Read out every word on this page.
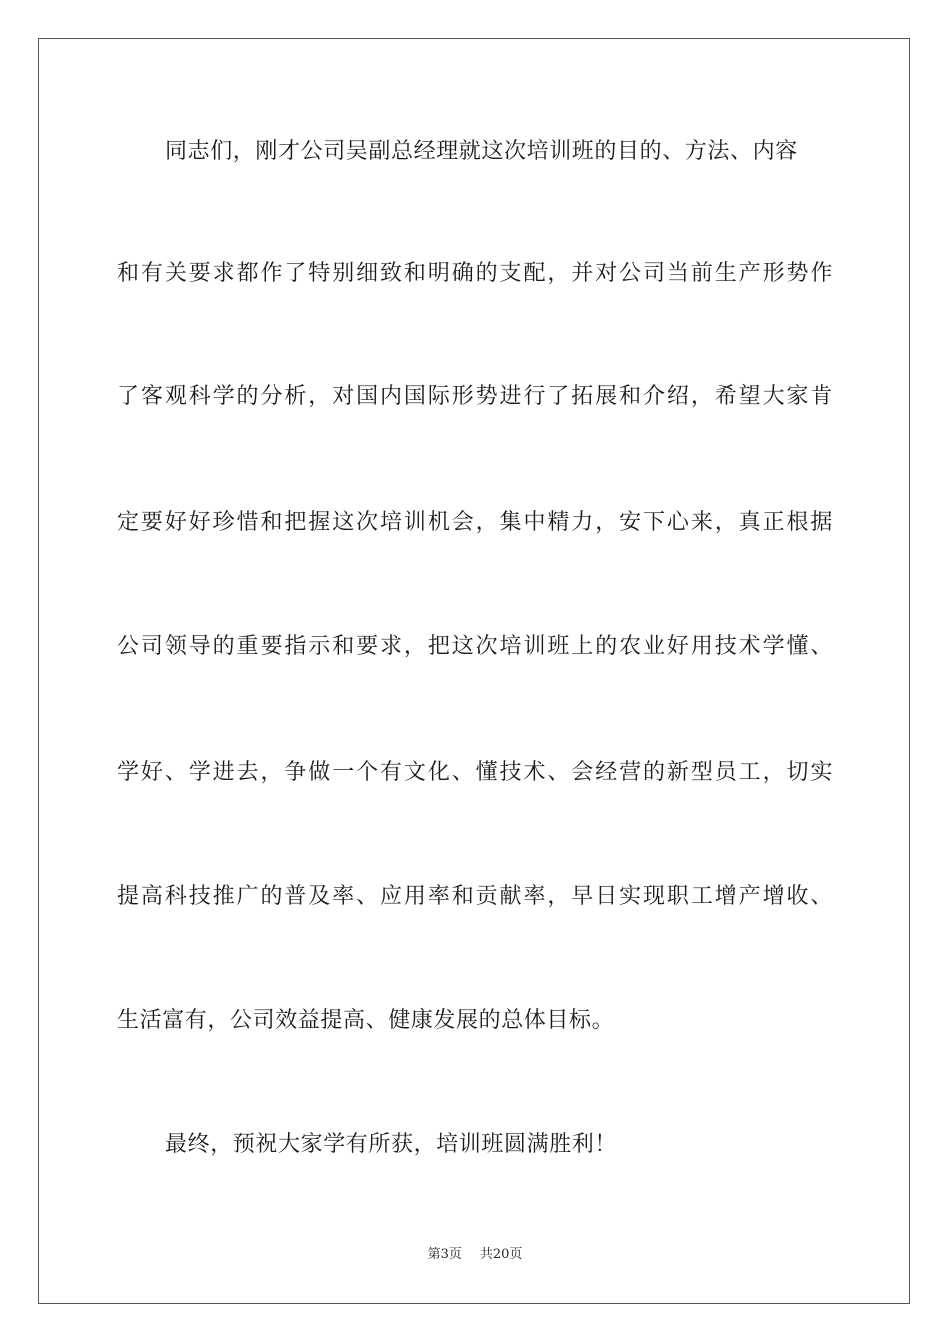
同志们，刚才公司吴副总经理就这次培训班的目的、方法、内容
和有关要求都作了特别细致和明确的支配，并对公司当前生产形势作
了客观科学的分析，对国内国际形势进行了拓展和介绍，希望大家肯
定要好好珍惜和把握这次培训机会，集中精力，安下心来，真正根据
公司领导的重要指示和要求，把这次培训班上的农业好用技术学懂、
学好、学进去，争做一个有文化、懂技术、会经营的新型员工，切实
提高科技推广的普及率、应用率和贡献率，早日实现职工增产增收、
生活富有，公司效益提高、健康发展的总体目标。
最终，预祝大家学有所获，培训班圆满胜利！
第3页 共20页
